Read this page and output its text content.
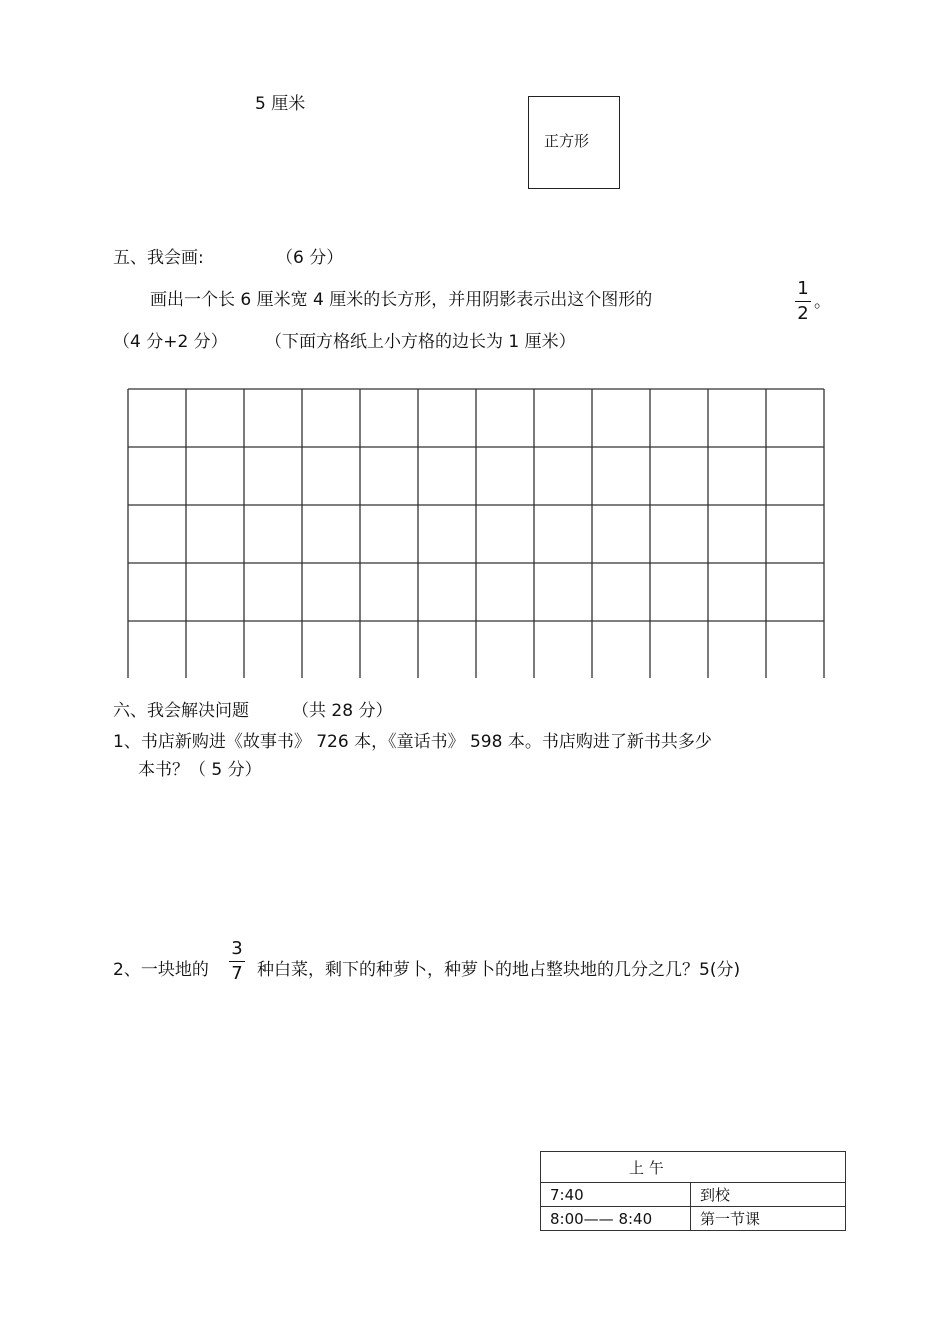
5 厘米
正方形
五、我会画:	（6 分）
画出一个长 6 厘米宽 4 厘米的长方形，并用阴影表示出这个图形的
1
2
。
（4 分+2 分） （下面方格纸上小方格的边长为 1 厘米）
六、我会解决问题	（共 28 分）
1、书店新购进《故事书》 726 本，《童话书》 598 本。书店购进了新书共多少
本书？（ 5 分）
2、一块地的
3
7 种白菜，剩下的种萝卜，种萝卜的地占整块地的几分之几？5(分)
上 午	
7:40	到校
8:00—— 8:40	第一节课
